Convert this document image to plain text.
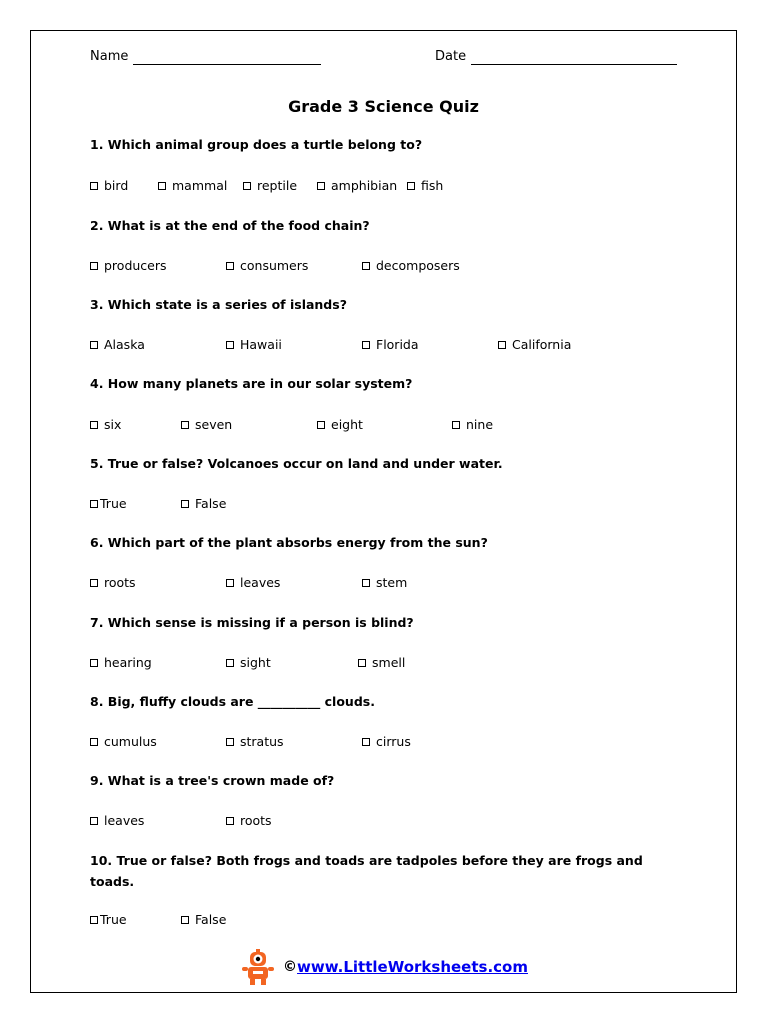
Name	Date
Grade 3 Science Quiz
1. Which animal group does a turtle belong to?
bird	mammal reptile	amphibian fish
2. What is at the end of the food chain?
producers	consumers	decomposers
3. Which state is a series of islands?
Alaska	Hawaii	Florida	California
4. How many planets are in our solar system?
six	seven	eight	nine
5. True or false? Volcanoes occur on land and under water.
True	False
6. Which part of the plant absorbs energy from the sun?
roots	leaves	stem
7. Which sense is missing if a person is blind?
hearing	sight	smell
8. Big, fluffy clouds are __________ clouds.
cumulus	stratus	cirrus
9. What is a tree's crown made of?
leaves	roots
10. True or false? Both frogs and toads are tadpoles before they are frogs and toads.
True	False
© www.LittleWorksheets.com
